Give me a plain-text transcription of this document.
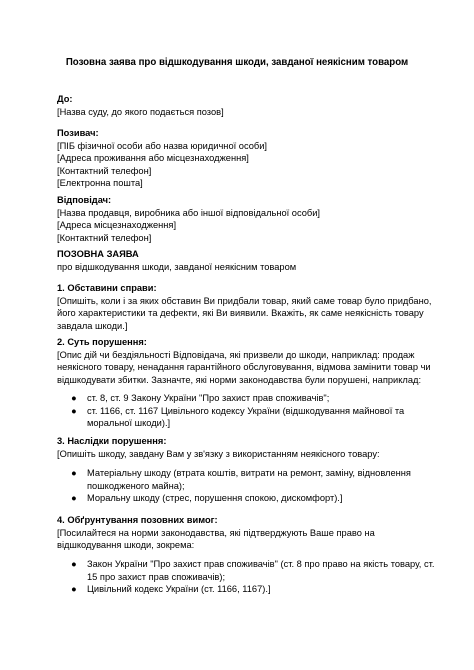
Позовна заява про відшкодування шкоди, завданої неякісним товаром
До:
[Назва суду, до якого подається позов]
Позивач:
[ПІБ фізичної особи або назва юридичної особи]
[Адреса проживання або місцезнаходження]
[Контактний телефон]
[Електронна пошта]
Відповідач:
[Назва продавця, виробника або іншої відповідальної особи]
[Адреса місцезнаходження]
[Контактний телефон]
ПОЗОВНА ЗАЯВА
про відшкодування шкоди, завданої неякісним товаром
1. Обставини справи:
[Опишіть, коли і за яких обставин Ви придбали товар, який саме товар було придбано,
його характеристики та дефекти, які Ви виявили. Вкажіть, як саме неякісність товару
завдала шкоди.]
2. Суть порушення:
[Опис дій чи бездіяльності Відповідача, які призвели до шкоди, наприклад: продаж
неякісного товару, ненадання гарантійного обслуговування, відмова замінити товар чи
відшкодувати збитки. Зазначте, які норми законодавства були порушені, наприклад:
● ст. 8, ст. 9 Закону України "Про захист прав споживачів";
● ст. 1166, ст. 1167 Цивільного кодексу України (відшкодування майнової та
моральної шкоди).]
3. Наслідки порушення:
[Опишіть шкоду, завдану Вам у зв'язку з використанням неякісного товару:
● Матеріальну шкоду (втрата коштів, витрати на ремонт, заміну, відновлення
пошкодженого майна);
● Моральну шкоду (стрес, порушення спокою, дискомфорт).]
4. Обґрунтування позовних вимог:
[Посилайтеся на норми законодавства, які підтверджують Ваше право на
відшкодування шкоди, зокрема:
● Закон України "Про захист прав споживачів" (ст. 8 про право на якість товару, ст.
15 про захист прав споживачів);
● Цивільний кодекс України (ст. 1166, 1167).]
